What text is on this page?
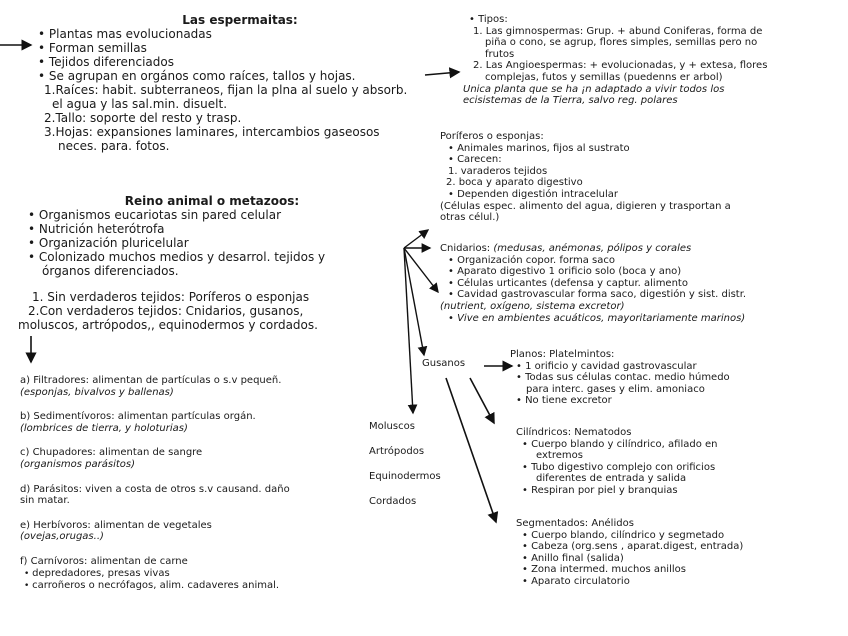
Las espermaitas:
• Plantas mas evolucionadas
• Forman semillas
• Tejidos diferenciados
• Se agrupan en orgános como raíces, tallos y hojas.
1.Raíces: habit. subterraneos, fijan la plna al suelo y absorb.
el agua y las sal.min. disuelt.
2.Tallo: soporte del resto y trasp.
3.Hojas: expansiones laminares, intercambios gaseosos
neces. para. fotos.
• Tipos:
1. Las gimnospermas: Grup. + abund Coniferas, forma de
piña o cono, se agrup, flores simples, semillas pero no
frutos
2. Las Angioespermas: + evolucionadas, y + extesa, flores
complejas, futos y semillas (puedenns er arbol)
Unica planta que se ha ¡n adaptado a vivir todos los
ecisistemas de la Tierra, salvo reg. polares
Reino animal o metazoos:
• Organismos eucariotas sin pared celular
• Nutrición heterótrofa
• Organización pluricelular
• Colonizado muchos medios y desarrol. tejidos y
órganos diferenciados.
1. Sin verdaderos tejidos: Poríferos o esponjas
2.Con verdaderos tejidos: Cnidarios, gusanos,
moluscos, artrópodos,, equinodermos y cordados.
a) Filtradores: alimentan de partículas o s.v pequeñ.
(esponjas, bivalvos y ballenas)
b) Sedimentívoros: alimentan partículas orgán.
(lombrices de tierra, y holoturias)
c) Chupadores: alimentan de sangre
(organismos parásitos)
d) Parásitos: viven a costa de otros s.v causand. daño
sin matar.
e) Herbívoros: alimentan de vegetales
(ovejas,orugas..)
f) Carnívoros: alimentan de carne
• depredadores, presas vivas
• carroñeros o necrófagos, alim. cadaveres animal.
Poríferos o esponjas:
• Animales marinos, fijos al sustrato
• Carecen:
1. varaderos tejidos
2. boca y aparato digestivo
• Dependen digestión intracelular
(Células espec. alimento del agua, digieren y trasportan a
otras célul.)
Cnidarios: (medusas, anémonas, pólipos y corales
• Organización copor. forma saco
• Aparato digestivo 1 orificio solo (boca y ano)
• Células urticantes (defensa y captur. alimento
• Cavidad gastrovascular forma saco, digestión y sist. distr.
(nutrient, oxígeno, sistema excretor)
• Vive en ambientes acuáticos, mayoritariamente marinos)
Moluscos
Artrópodos
Equinodermos
Cordados
Gusanos
Planos: Platelmintos:
• 1 orificio y cavidad gastrovascular
• Todas sus células contac. medio húmedo
para interc. gases y elim. amoniaco
• No tiene excretor
Cilíndricos: Nematodos
• Cuerpo blando y cilíndrico, afilado en
extremos
• Tubo digestivo complejo con orificios
diferentes de entrada y salida
• Respiran por piel y branquias
Segmentados: Anélidos
• Cuerpo blando, cilíndrico y segmetado
• Cabeza (org.sens , aparat.digest, entrada)
• Anillo final (salida)
• Zona intermed. muchos anillos
• Aparato circulatorio
